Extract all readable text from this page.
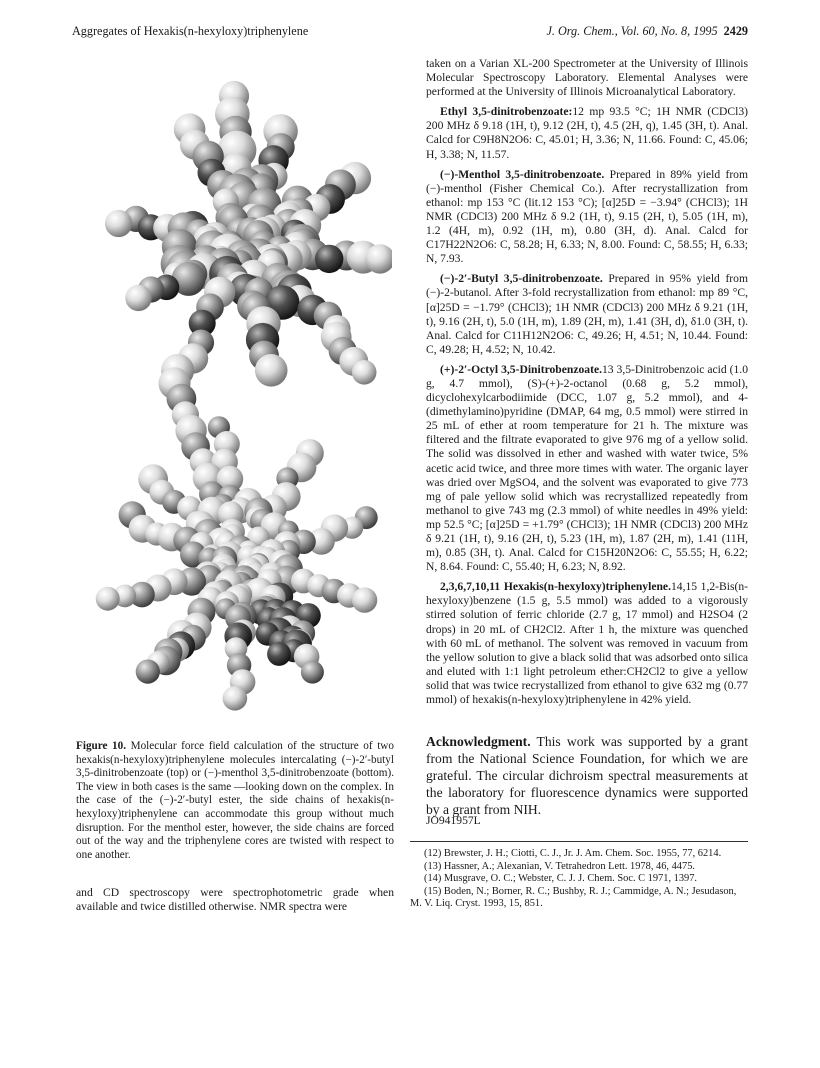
Aggregates of Hexakis(n-hexyloxy)triphenylene	J. Org. Chem., Vol. 60, No. 8, 1995 2429

Figure 10. Molecular force field calculation of the structure of two hexakis(n-hexyloxy)triphenylene molecules intercalating (−)-2′-butyl 3,5-dinitrobenzoate (top) or (−)-menthol 3,5-dinitrobenzoate (bottom). The view in both cases is the same —looking down on the complex. In the case of the (−)-2′-butyl ester, the side chains of hexakis(n-hexyloxy)triphenylene can accommodate this group without much disruption. For the menthol ester, however, the side chains are forced out of the way and the triphenylene cores are twisted with respect to one another.

and CD spectroscopy were spectrophotometric grade when available and twice distilled otherwise. NMR spectra were

taken on a Varian XL-200 Spectrometer at the University of Illinois Molecular Spectroscopy Laboratory. Elemental Analyses were performed at the University of Illinois Microanalytical Laboratory.

Ethyl 3,5-dinitrobenzoate:12 mp 93.5 °C; 1H NMR (CDCl3) 200 MHz δ 9.18 (1H, t), 9.12 (2H, t), 4.5 (2H, q), 1.45 (3H, t). Anal. Calcd for C9H8N2O6: C, 45.01; H, 3.36; N, 11.66. Found: C, 45.06; H, 3.38; N, 11.57.

(−)-Menthol 3,5-dinitrobenzoate. Prepared in 89% yield from (−)-menthol (Fisher Chemical Co.). After recrystallization from ethanol: mp 153 °C (lit.12 153 °C); [α]25D = −3.94° (CHCl3); 1H NMR (CDCl3) 200 MHz δ 9.2 (1H, t), 9.15 (2H, t), 5.05 (1H, m), 1.2 (4H, m), 0.92 (1H, m), 0.80 (3H, d). Anal. Calcd for C17H22N2O6: C, 58.28; H, 6.33; N, 8.00. Found: C, 58.55; H, 6.33; N, 7.93.

(−)-2′-Butyl 3,5-dinitrobenzoate. Prepared in 95% yield from (−)-2-butanol. After 3-fold recrystallization from ethanol: mp 89 °C, [α]25D = −1.79° (CHCl3); 1H NMR (CDCl3) 200 MHz δ 9.21 (1H, t), 9.16 (2H, t), 5.0 (1H, m), 1.89 (2H, m), 1.41 (3H, d), δ1.0 (3H, t). Anal. Calcd for C11H12N2O6: C, 49.26; H, 4.51; N, 10.44. Found: C, 49.28; H, 4.52; N, 10.42.

(+)-2′-Octyl 3,5-Dinitrobenzoate.13 3,5-Dinitrobenzoic acid (1.0 g, 4.7 mmol), (S)-(+)-2-octanol (0.68 g, 5.2 mmol), dicyclohexylcarbodiimide (DCC, 1.07 g, 5.2 mmol), and 4-(dimethylamino)pyridine (DMAP, 64 mg, 0.5 mmol) were stirred in 25 mL of ether at room temperature for 21 h. The mixture was filtered and the filtrate evaporated to give 976 mg of a yellow solid. The solid was dissolved in ether and washed with water twice, 5% acetic acid twice, and three more times with water. The organic layer was dried over MgSO4, and the solvent was evaporated to give 773 mg of pale yellow solid which was recrystallized repeatedly from methanol to give 743 mg (2.3 mmol) of white needles in 49% yield: mp 52.5 °C; [α]25D = +1.79° (CHCl3); 1H NMR (CDCl3) 200 MHz δ 9.21 (1H, t), 9.16 (2H, t), 5.23 (1H, m), 1.87 (2H, m), 1.41 (11H, m), 0.85 (3H, t). Anal. Calcd for C15H20N2O6: C, 55.55; H, 6.22; N, 8.64. Found: C, 55.40; H, 6.23; N, 8.92.

2,3,6,7,10,11 Hexakis(n-hexyloxy)triphenylene.14,15 1,2-Bis(n-hexyloxy)benzene (1.5 g, 5.5 mmol) was added to a vigorously stirred solution of ferric chloride (2.7 g, 17 mmol) and H2SO4 (2 drops) in 20 mL of CH2Cl2. After 1 h, the mixture was quenched with 60 mL of methanol. The solvent was removed in vacuum from the yellow solution to give a black solid that was adsorbed onto silica and eluted with 1:1 light petroleum ether:CH2Cl2 to give a yellow solid that was twice recrystallized from ethanol to give 632 mg (0.77 mmol) of hexakis(n-hexyloxy)triphenylene in 42% yield.

Acknowledgment. This work was supported by a grant from the National Science Foundation, for which we are grateful. The circular dichroism spectral measurements at the laboratory for fluorescence dynamics were supported by a grant from NIH.

JO941957L

(12) Brewster, J. H.; Ciotti, C. J., Jr. J. Am. Chem. Soc. 1955, 77, 6214.
(13) Hassner, A.; Alexanian, V. Tetrahedron Lett. 1978, 46, 4475.
(14) Musgrave, O. C.; Webster, C. J. J. Chem. Soc. C 1971, 1397.
(15) Boden, N.; Borner, R. C.; Bushby, R. J.; Cammidge, A. N.; Jesudason, M. V. Liq. Cryst. 1993, 15, 851.
